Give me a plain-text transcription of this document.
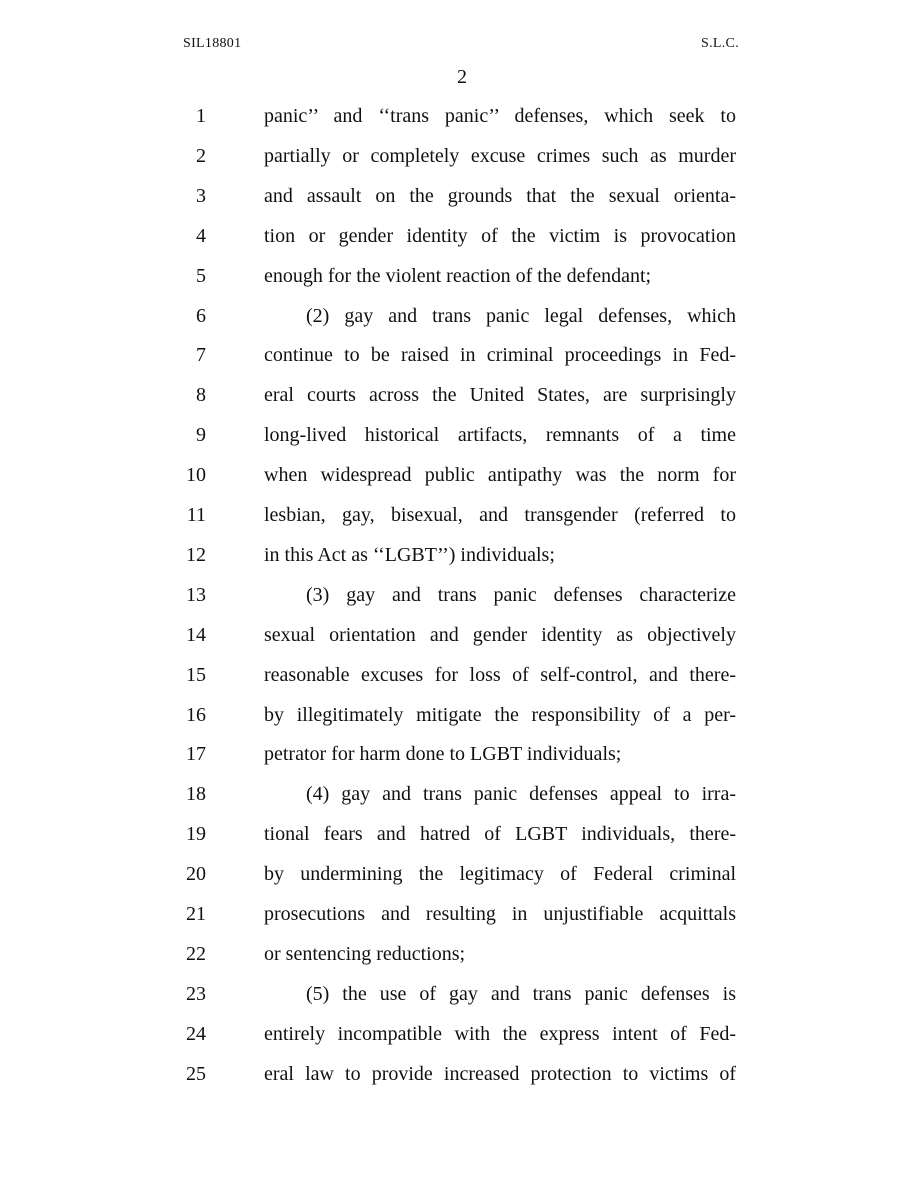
SIL18801	S.L.C.
2
1	panic’’ and ‘‘trans panic’’ defenses, which seek to
2	partially or completely excuse crimes such as murder
3	and assault on the grounds that the sexual orienta-
4	tion or gender identity of the victim is provocation
5	enough for the violent reaction of the defendant;
6	(2) gay and trans panic legal defenses, which
7	continue to be raised in criminal proceedings in Fed-
8	eral courts across the United States, are surprisingly
9	long-lived historical artifacts, remnants of a time
10	when widespread public antipathy was the norm for
11	lesbian, gay, bisexual, and transgender (referred to
12	in this Act as ‘‘LGBT’’) individuals;
13	(3) gay and trans panic defenses characterize
14	sexual orientation and gender identity as objectively
15	reasonable excuses for loss of self-control, and there-
16	by illegitimately mitigate the responsibility of a per-
17	petrator for harm done to LGBT individuals;
18	(4) gay and trans panic defenses appeal to irra-
19	tional fears and hatred of LGBT individuals, there-
20	by undermining the legitimacy of Federal criminal
21	prosecutions and resulting in unjustifiable acquittals
22	or sentencing reductions;
23	(5) the use of gay and trans panic defenses is
24	entirely incompatible with the express intent of Fed-
25	eral law to provide increased protection to victims of
